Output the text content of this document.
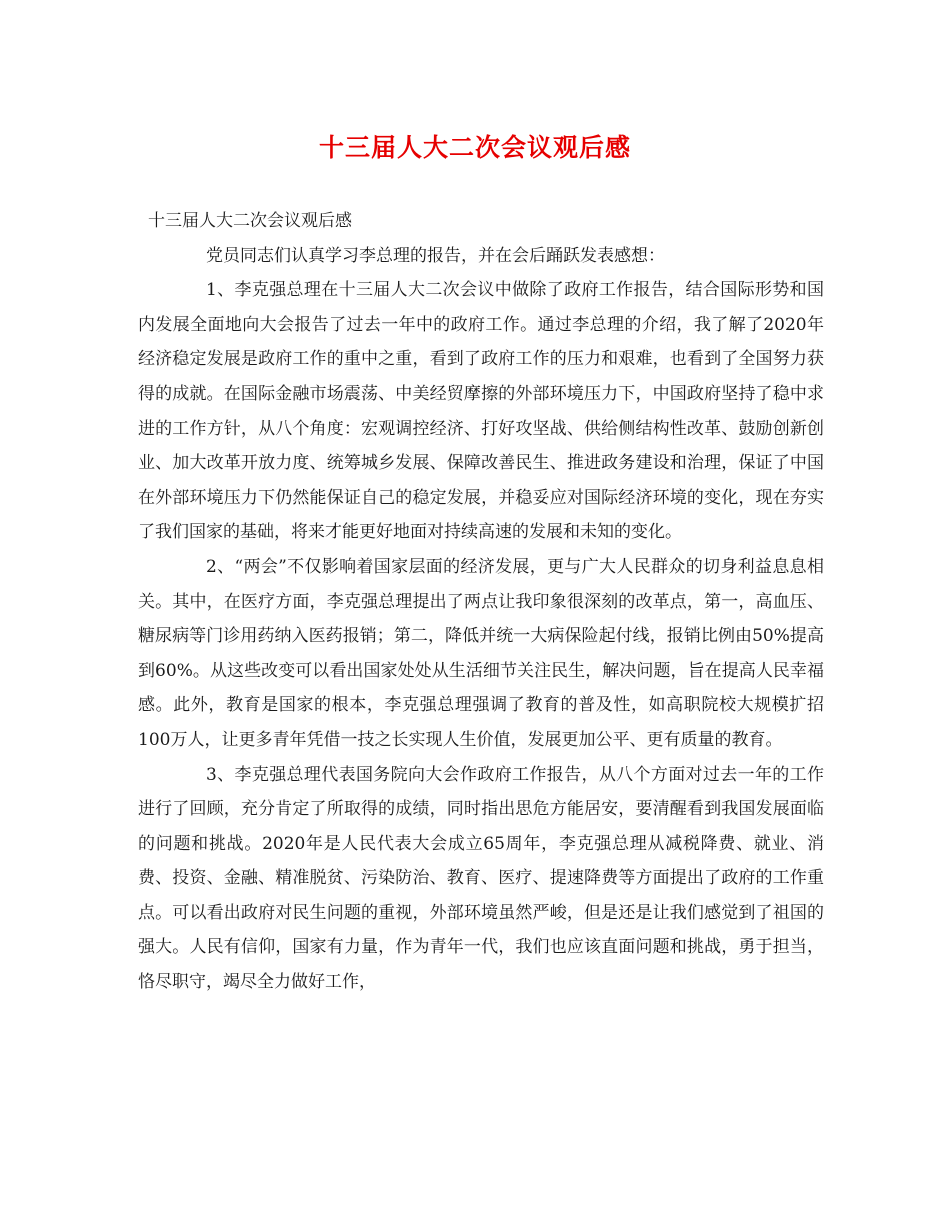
十三届人大二次会议观后感

十三届人大二次会议观后感

党员同志们认真学习李总理的报告，并在会后踊跃发表感想：

1、李克强总理在十三届人大二次会议中做除了政府工作报告，结合国际形势和国内发展全面地向大会报告了过去一年中的政府工作。通过李总理的介绍，我了解了2020年经济稳定发展是政府工作的重中之重，看到了政府工作的压力和艰难，也看到了全国努力获得的成就。在国际金融市场震荡、中美经贸摩擦的外部环境压力下，中国政府坚持了稳中求进的工作方针，从八个角度：宏观调控经济、打好攻坚战、供给侧结构性改革、鼓励创新创业、加大改革开放力度、统筹城乡发展、保障改善民生、推进政务建设和治理，保证了中国在外部环境压力下仍然能保证自己的稳定发展，并稳妥应对国际经济环境的变化，现在夯实了我们国家的基础，将来才能更好地面对持续高速的发展和未知的变化。

2、“两会”不仅影响着国家层面的经济发展，更与广大人民群众的切身利益息息相关。其中，在医疗方面，李克强总理提出了两点让我印象很深刻的改革点，第一，高血压、糖尿病等门诊用药纳入医药报销；第二，降低并统一大病保险起付线，报销比例由50%提高到60%。从这些改变可以看出国家处处从生活细节关注民生，解决问题，旨在提高人民幸福感。此外，教育是国家的根本，李克强总理强调了教育的普及性，如高职院校大规模扩招100万人，让更多青年凭借一技之长实现人生价值，发展更加公平、更有质量的教育。

3、李克强总理代表国务院向大会作政府工作报告，从八个方面对过去一年的工作进行了回顾，充分肯定了所取得的成绩，同时指出思危方能居安，要清醒看到我国发展面临的问题和挑战。2020年是人民代表大会成立65周年，李克强总理从减税降费、就业、消费、投资、金融、精准脱贫、污染防治、教育、医疗、提速降费等方面提出了政府的工作重点。可以看出政府对民生问题的重视，外部环境虽然严峻，但是还是让我们感觉到了祖国的强大。人民有信仰，国家有力量，作为青年一代，我们也应该直面问题和挑战，勇于担当，恪尽职守，竭尽全力做好工作，
